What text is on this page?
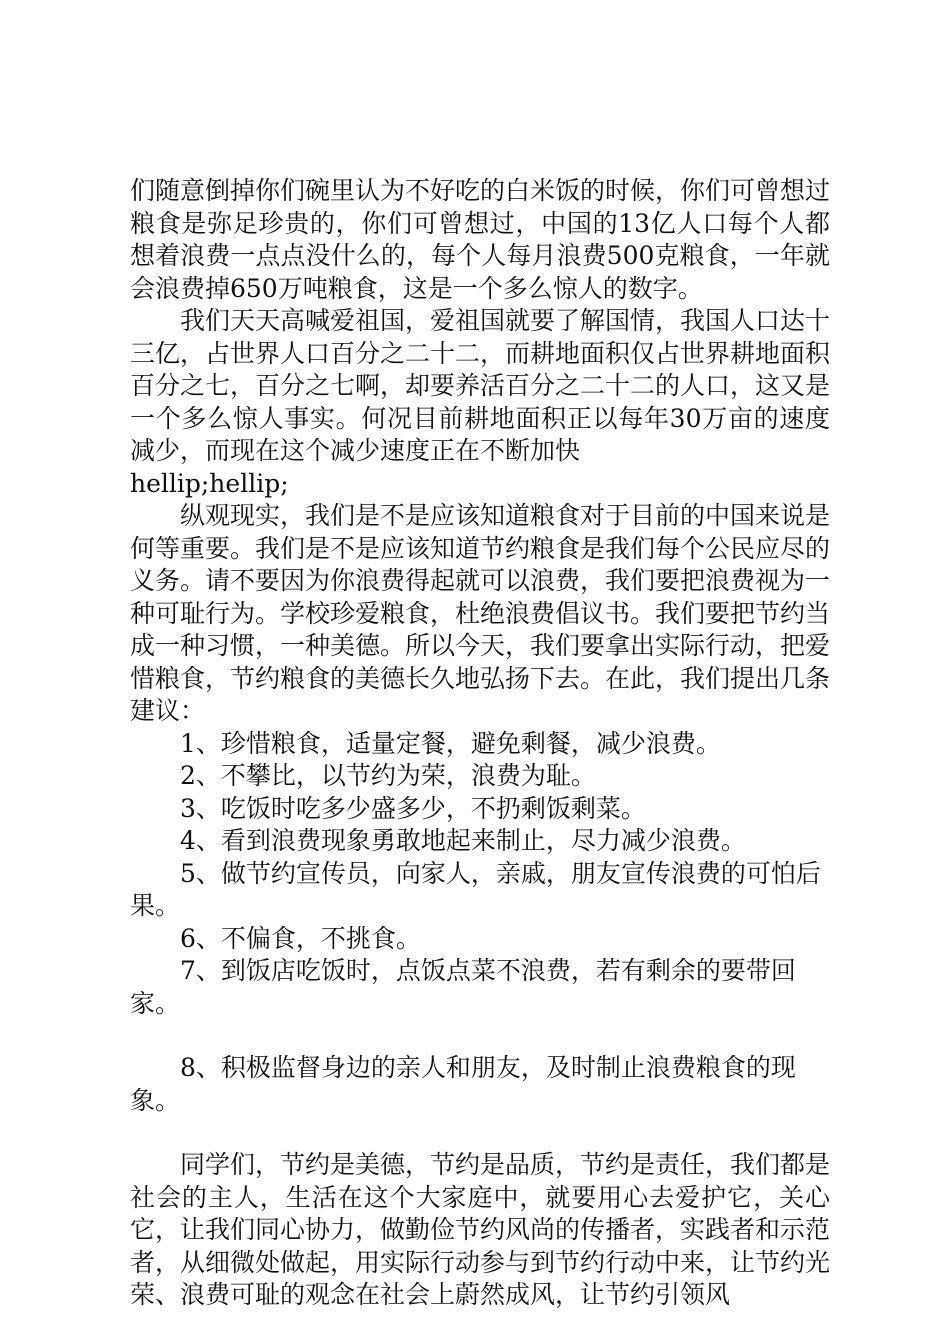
们随意倒掉你们碗里认为不好吃的白米饭的时候，你们可曾想过粮食是弥足珍贵的，你们可曾想过，中国的13亿人口每个人都想着浪费一点点没什么的，每个人每月浪费500克粮食，一年就会浪费掉650万吨粮食，这是一个多么惊人的数字。

我们天天高喊爱祖国，爱祖国就要了解国情，我国人口达十三亿，占世界人口百分之二十二，而耕地面积仅占世界耕地面积百分之七，百分之七啊，却要养活百分之二十二的人口，这又是一个多么惊人事实。何况目前耕地面积正以每年30万亩的速度减少，而现在这个减少速度正在不断加快
hellip;hellip;

纵观现实，我们是不是应该知道粮食对于目前的中国来说是何等重要。我们是不是应该知道节约粮食是我们每个公民应尽的义务。请不要因为你浪费得起就可以浪费，我们要把浪费视为一种可耻行为。学校珍爱粮食，杜绝浪费倡议书。我们要把节约当成一种习惯，一种美德。所以今天，我们要拿出实际行动，把爱惜粮食，节约粮食的美德长久地弘扬下去。在此，我们提出几条建议：

1、珍惜粮食，适量定餐，避免剩餐，减少浪费。

2、不攀比，以节约为荣，浪费为耻。

3、吃饭时吃多少盛多少，不扔剩饭剩菜。

4、看到浪费现象勇敢地起来制止，尽力减少浪费。

5、做节约宣传员，向家人，亲戚，朋友宣传浪费的可怕后果。

6、不偏食，不挑食。

7、到饭店吃饭时，点饭点菜不浪费，若有剩余的要带回家。

8、积极监督身边的亲人和朋友，及时制止浪费粮食的现象。

同学们，节约是美德，节约是品质，节约是责任，我们都是社会的主人，生活在这个大家庭中，就要用心去爱护它，关心它，让我们同心协力，做勤俭节约风尚的传播者，实践者和示范者，从细微处做起，用实际行动参与到节约行动中来，让节约光荣、浪费可耻的观念在社会上蔚然成风，让节约引领风
